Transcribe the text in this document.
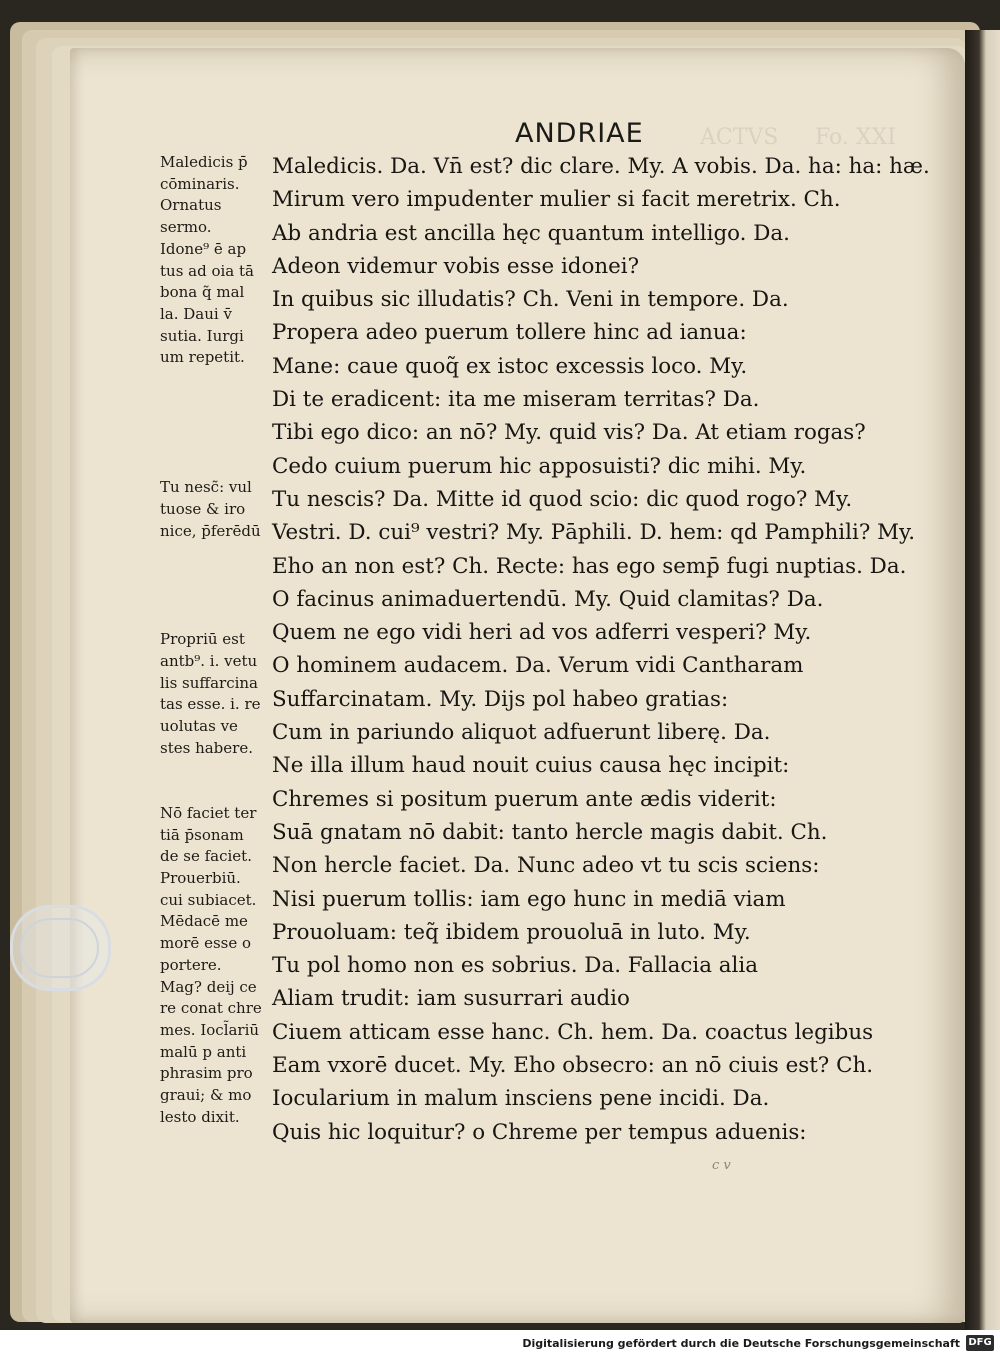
ACTVS Fo. XXI
ANDRIAE
Maledicis p̄
cōminaris.
Ornatus
sermo.
Idone⁹ ē ap
tus ad oia tā
bona q̃ mal
la. Daui v̄
sutia. Iurgi
um repetit.
Tu nesc̃: vul
tuose & iro
nice, p̄ferēdū
Propriū est
antb⁹. i. vetu
lis suffarcina
tas esse. i. re
uolutas ve
stes habere.
Nō faciet ter
tiā p̄sonam
de se faciet.
Prouerbiū.
cui subiacet.
Mēdacē me
morē esse o
portere.
Mag? deij ce
re conat chre
mes. Iocl̃ariū
malū p anti
phrasim pro
graui; & mo
lesto dixit.
Maledicis. Da. Vn̄ est? dic clare. My. A vobis. Da. ha: ha: hæ.
Mirum vero impudenter mulier si facit meretrix. Ch.
Ab andria est ancilla hęc quantum intelligo. Da.
Adeon videmur vobis esse idonei?
In quibus sic illudatis? Ch. Veni in tempore. Da.
Propera adeo puerum tollere hinc ad ianua:
Mane: caue quoq̃ ex istoc excessis loco. My.
Di te eradicent: ita me miseram territas? Da.
Tibi ego dico: an nō? My. quid vis? Da. At etiam rogas?
Cedo cuium puerum hic apposuisti? dic mihi. My.
Tu nescis? Da. Mitte id quod scio: dic quod rogo? My.
Vestri. D. cui⁹ vestri? My. Pāphili. D. hem: qd Pamphili? My.
Eho an non est? Ch. Recte: has ego semp̄ fugi nuptias. Da.
O facinus animaduertendū. My. Quid clamitas? Da.
Quem ne ego vidi heri ad vos adferri vesperi? My.
O hominem audacem. Da. Verum vidi Cantharam
Suffarcinatam. My. Dijs pol habeo gratias:
Cum in pariundo aliquot adfuerunt liberę. Da.
Ne illa illum haud nouit cuius causa hęc incipit:
Chremes si positum puerum ante ædis viderit:
Suā gnatam nō dabit: tanto hercle magis dabit. Ch.
Non hercle faciet. Da. Nunc adeo vt tu scis sciens:
Nisi puerum tollis: iam ego hunc in mediā viam
Prouoluam: teq̃ ibidem prouoluā in luto. My.
Tu pol homo non es sobrius. Da. Fallacia alia
Aliam trudit: iam susurrari audio
Ciuem atticam esse hanc. Ch. hem. Da. coactus legibus
Eam vxorē ducet. My. Eho obsecro: an nō ciuis est? Ch.
Iocularium in malum insciens pene incidi. Da.
Quis hic loquitur? o Chreme per tempus aduenis:
c v
Digitalisierung gefördert durch die Deutsche Forschungsgemeinschaft DFG
